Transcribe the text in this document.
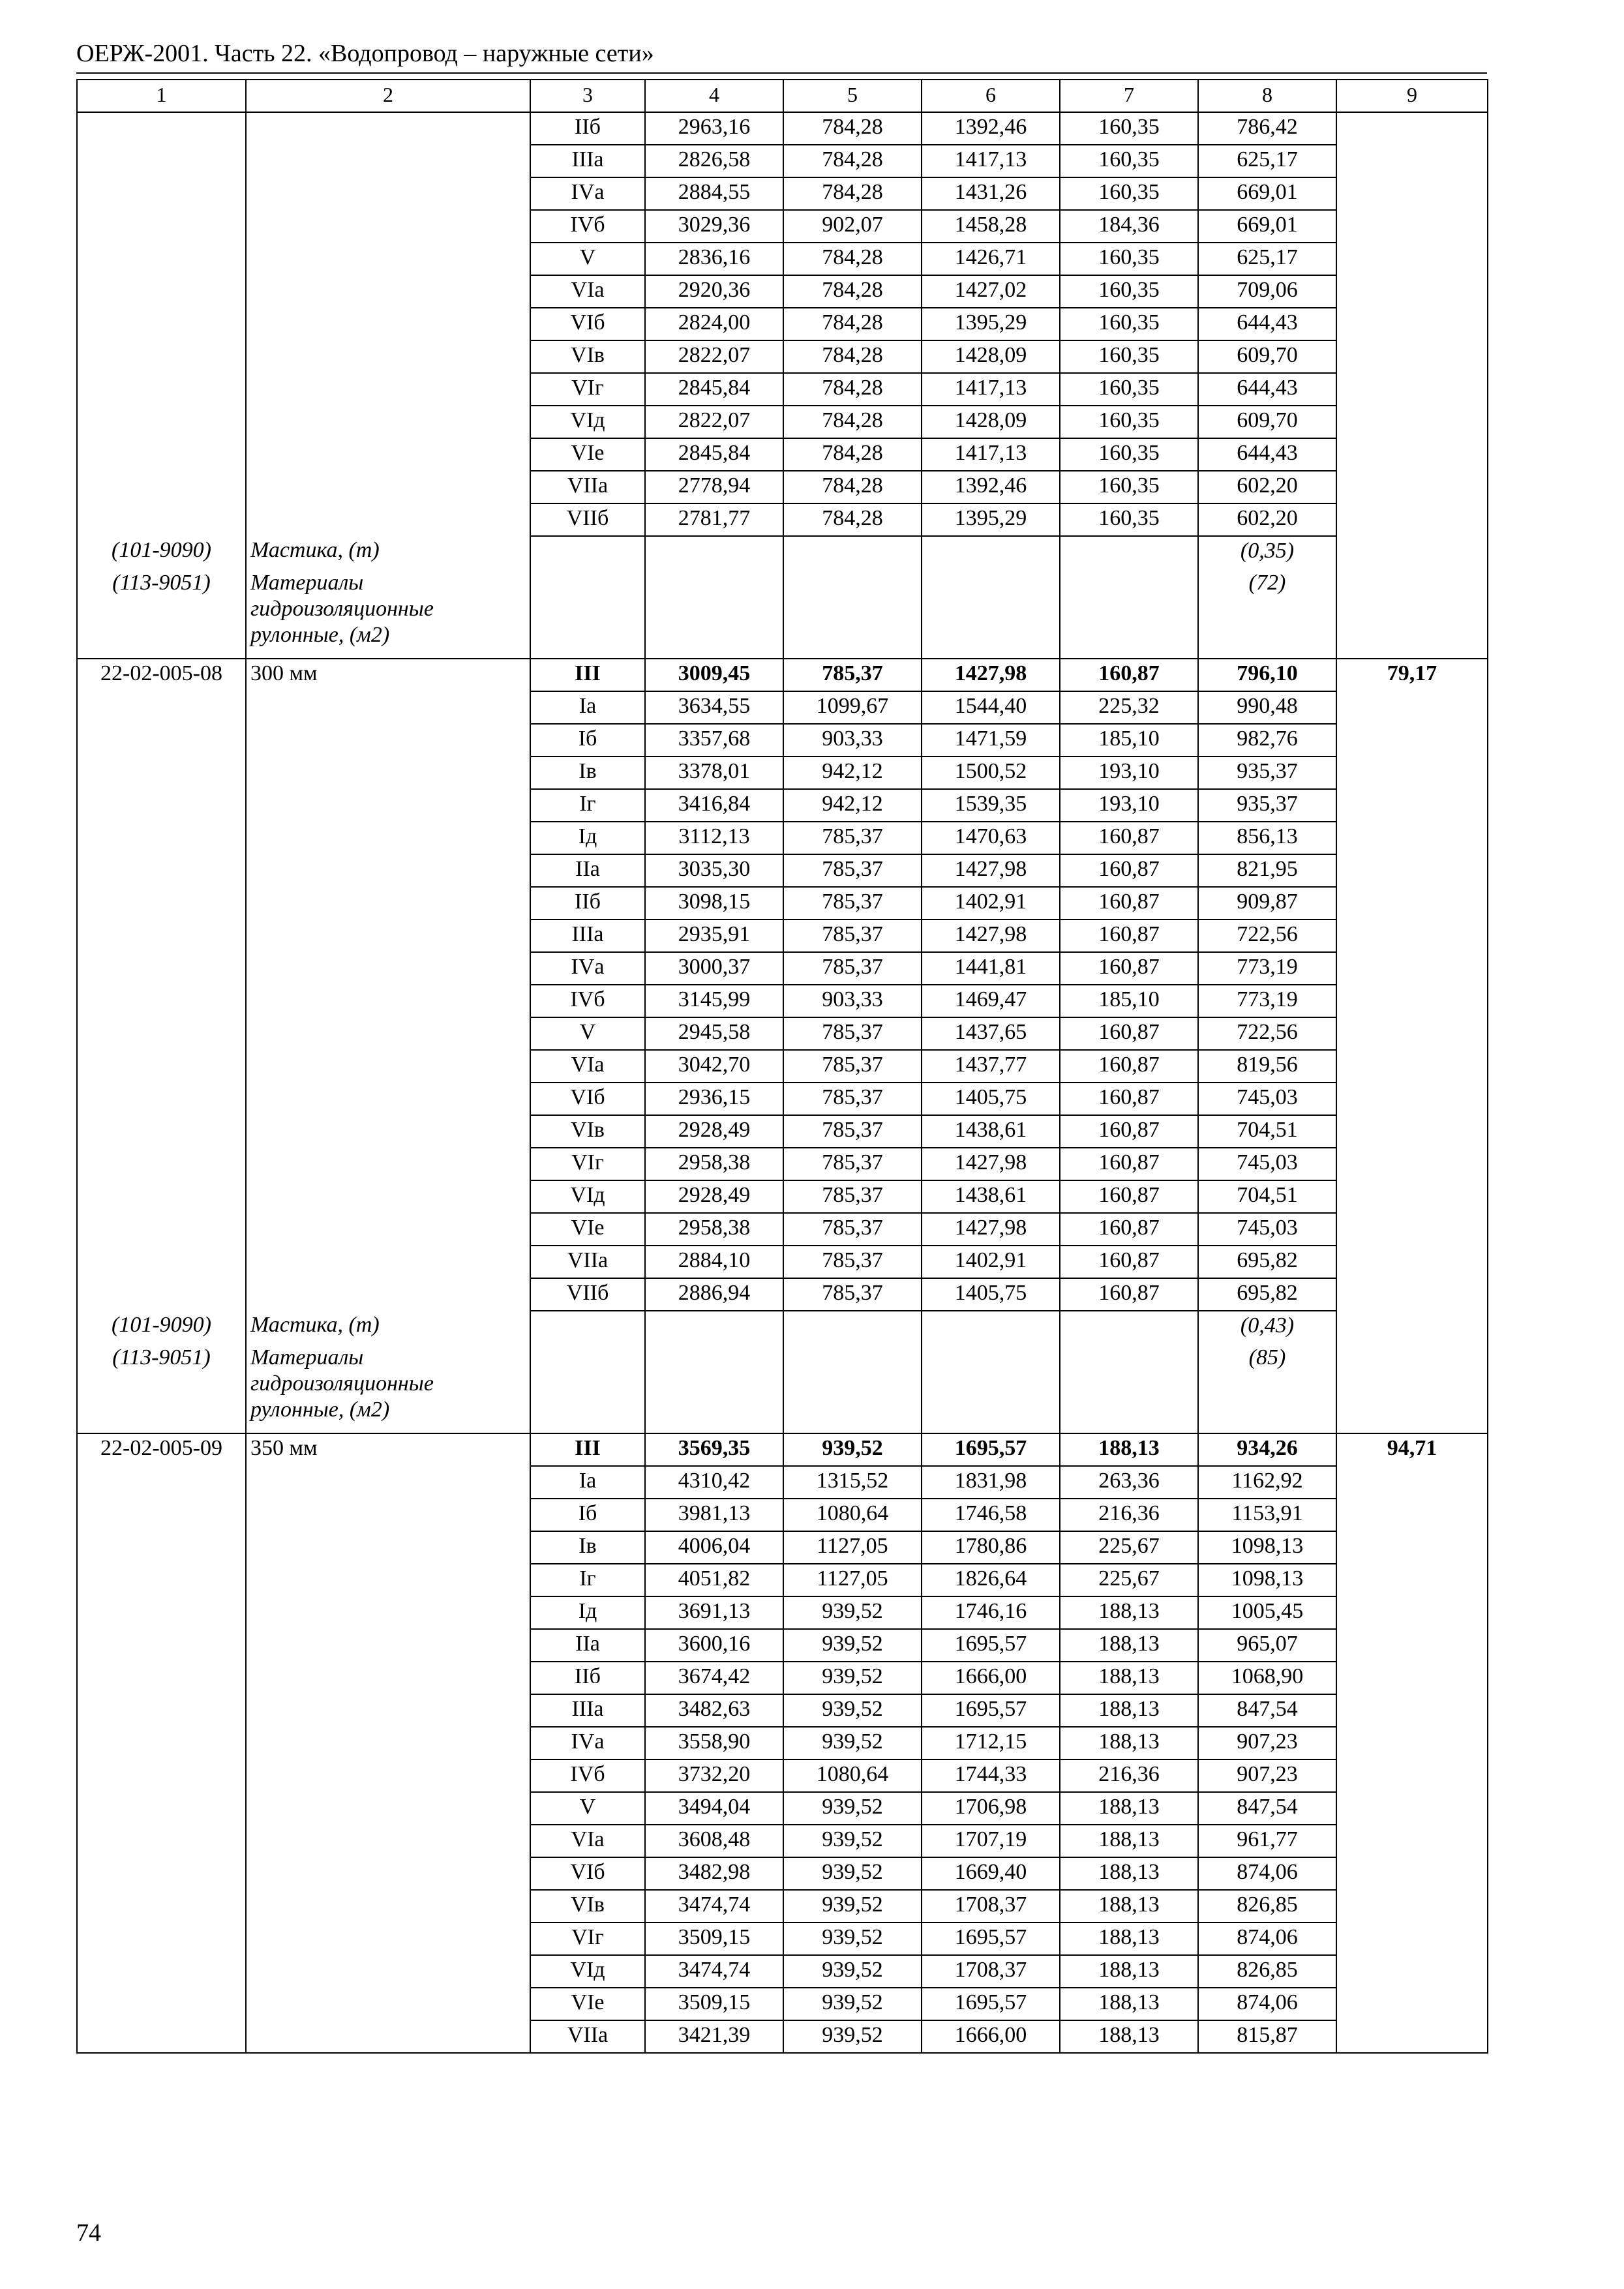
ОЕРЖ-2001. Часть 22. «Водопровод – наружные сети»
1	2	3	4	5	6	7	8	9
		IIб	2963,16	784,28	1392,46	160,35	786,42	
		IIIа	2826,58	784,28	1417,13	160,35	625,17	
		IVа	2884,55	784,28	1431,26	160,35	669,01	
		IVб	3029,36	902,07	1458,28	184,36	669,01	
		V	2836,16	784,28	1426,71	160,35	625,17	
		VIа	2920,36	784,28	1427,02	160,35	709,06	
		VIб	2824,00	784,28	1395,29	160,35	644,43	
		VIв	2822,07	784,28	1428,09	160,35	609,70	
		VIг	2845,84	784,28	1417,13	160,35	644,43	
		VIд	2822,07	784,28	1428,09	160,35	609,70	
		VIе	2845,84	784,28	1417,13	160,35	644,43	
		VIIа	2778,94	784,28	1392,46	160,35	602,20	
		VIIб	2781,77	784,28	1395,29	160,35	602,20	
(101-9090)	Мастика, (т)						(0,35)	
(113-9051)	Материалы гидроизоляционные рулонные, (м2)						(72)	
22-02-005-08	300 мм	III	3009,45	785,37	1427,98	160,87	796,10	79,17
		Iа	3634,55	1099,67	1544,40	225,32	990,48	
		Iб	3357,68	903,33	1471,59	185,10	982,76	
		Iв	3378,01	942,12	1500,52	193,10	935,37	
		Iг	3416,84	942,12	1539,35	193,10	935,37	
		Iд	3112,13	785,37	1470,63	160,87	856,13	
		IIа	3035,30	785,37	1427,98	160,87	821,95	
		IIб	3098,15	785,37	1402,91	160,87	909,87	
		IIIа	2935,91	785,37	1427,98	160,87	722,56	
		IVа	3000,37	785,37	1441,81	160,87	773,19	
		IVб	3145,99	903,33	1469,47	185,10	773,19	
		V	2945,58	785,37	1437,65	160,87	722,56	
		VIа	3042,70	785,37	1437,77	160,87	819,56	
		VIб	2936,15	785,37	1405,75	160,87	745,03	
		VIв	2928,49	785,37	1438,61	160,87	704,51	
		VIг	2958,38	785,37	1427,98	160,87	745,03	
		VIд	2928,49	785,37	1438,61	160,87	704,51	
		VIе	2958,38	785,37	1427,98	160,87	745,03	
		VIIа	2884,10	785,37	1402,91	160,87	695,82	
		VIIб	2886,94	785,37	1405,75	160,87	695,82	
(101-9090)	Мастика, (т)						(0,43)	
(113-9051)	Материалы гидроизоляционные рулонные, (м2)						(85)	
22-02-005-09	350 мм	III	3569,35	939,52	1695,57	188,13	934,26	94,71
		Iа	4310,42	1315,52	1831,98	263,36	1162,92	
		Iб	3981,13	1080,64	1746,58	216,36	1153,91	
		Iв	4006,04	1127,05	1780,86	225,67	1098,13	
		Iг	4051,82	1127,05	1826,64	225,67	1098,13	
		Iд	3691,13	939,52	1746,16	188,13	1005,45	
		IIа	3600,16	939,52	1695,57	188,13	965,07	
		IIб	3674,42	939,52	1666,00	188,13	1068,90	
		IIIа	3482,63	939,52	1695,57	188,13	847,54	
		IVа	3558,90	939,52	1712,15	188,13	907,23	
		IVб	3732,20	1080,64	1744,33	216,36	907,23	
		V	3494,04	939,52	1706,98	188,13	847,54	
		VIа	3608,48	939,52	1707,19	188,13	961,77	
		VIб	3482,98	939,52	1669,40	188,13	874,06	
		VIв	3474,74	939,52	1708,37	188,13	826,85	
		VIг	3509,15	939,52	1695,57	188,13	874,06	
		VIд	3474,74	939,52	1708,37	188,13	826,85	
		VIе	3509,15	939,52	1695,57	188,13	874,06	
		VIIа	3421,39	939,52	1666,00	188,13	815,87	
74
